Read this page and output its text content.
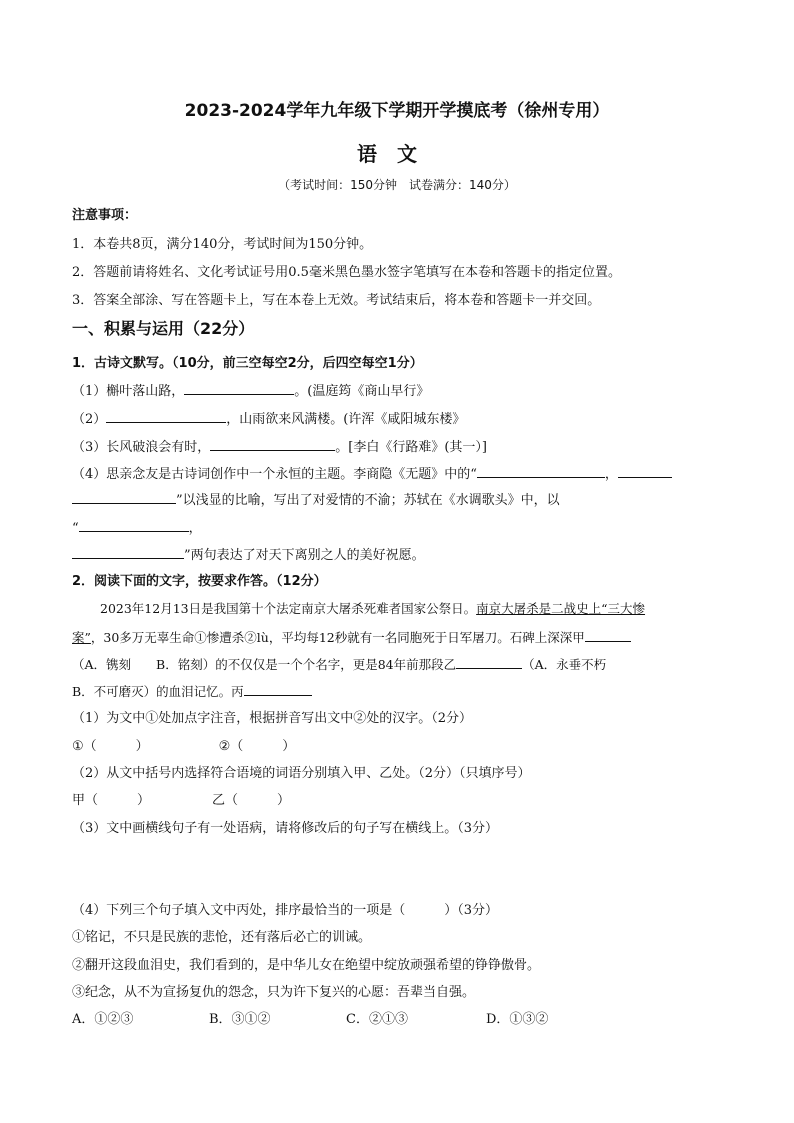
2023-2024学年九年级下学期开学摸底考（徐州专用）
语文
（考试时间：150分钟　试卷满分：140分）
注意事项：
1．本卷共8页，满分140分，考试时间为150分钟。
2．答题前请将姓名、文化考试证号用0.5毫米黑色墨水签字笔填写在本卷和答题卡的指定位置。
3．答案全部涂、写在答题卡上，写在本卷上无效。考试结束后，将本卷和答题卡一并交回。
一、积累与运用（22分）
1．古诗文默写。（10分，前三空每空2分，后四空每空1分）
（1）槲叶落山路，	。(温庭筠《商山早行》
（2）	，山雨欲来风满楼。(许浑《咸阳城东楼》
（3）长风破浪会有时，	。[李白《行路难》(其一）]
（4）思亲念友是古诗词创作中一个永恒的主题。李商隐《无题》中的“	，
”以浅显的比喻，写出了对爱情的不渝；苏轼在《水调歌头》中，以
“	，
”两句表达了对天下离别之人的美好祝愿。
2．阅读下面的文字，按要求作答。（12分）
2023年12月13日是我国第十个法定南京大屠杀死难者国家公祭日。南京大屠杀是二战史上“三大惨
案”，30多万无辜生命①惨遭杀②lù，平均每12秒就有一名同胞死于日军屠刀。石碑上深深甲
（A．镌刻　　B．铭刻）的不仅仅是一个个名字，更是84年前那段乙	（A．永垂不朽
B．不可磨灭）的血泪记忆。丙
（1）为文中①处加点字注音，根据拼音写出文中②处的汉字。（2分）
①（　　　）	②（　　　）
（2）从文中括号内选择符合语境的词语分别填入甲、乙处。（2分）（只填序号）
甲（　　　）	乙（　　　）
（3）文中画横线句子有一处语病，请将修改后的句子写在横线上。（3分）
（4）下列三个句子填入文中丙处，排序最恰当的一项是（　　　）（3分）
①铭记，不只是民族的悲怆，还有落后必亡的训诫。
②翻开这段血泪史，我们看到的，是中华儿女在绝望中绽放顽强希望的铮铮傲骨。
③纪念，从不为宣扬复仇的怨念，只为许下复兴的心愿：吾辈当自强。
A．①②③	B．③①②	C．②①③	D．①③②
